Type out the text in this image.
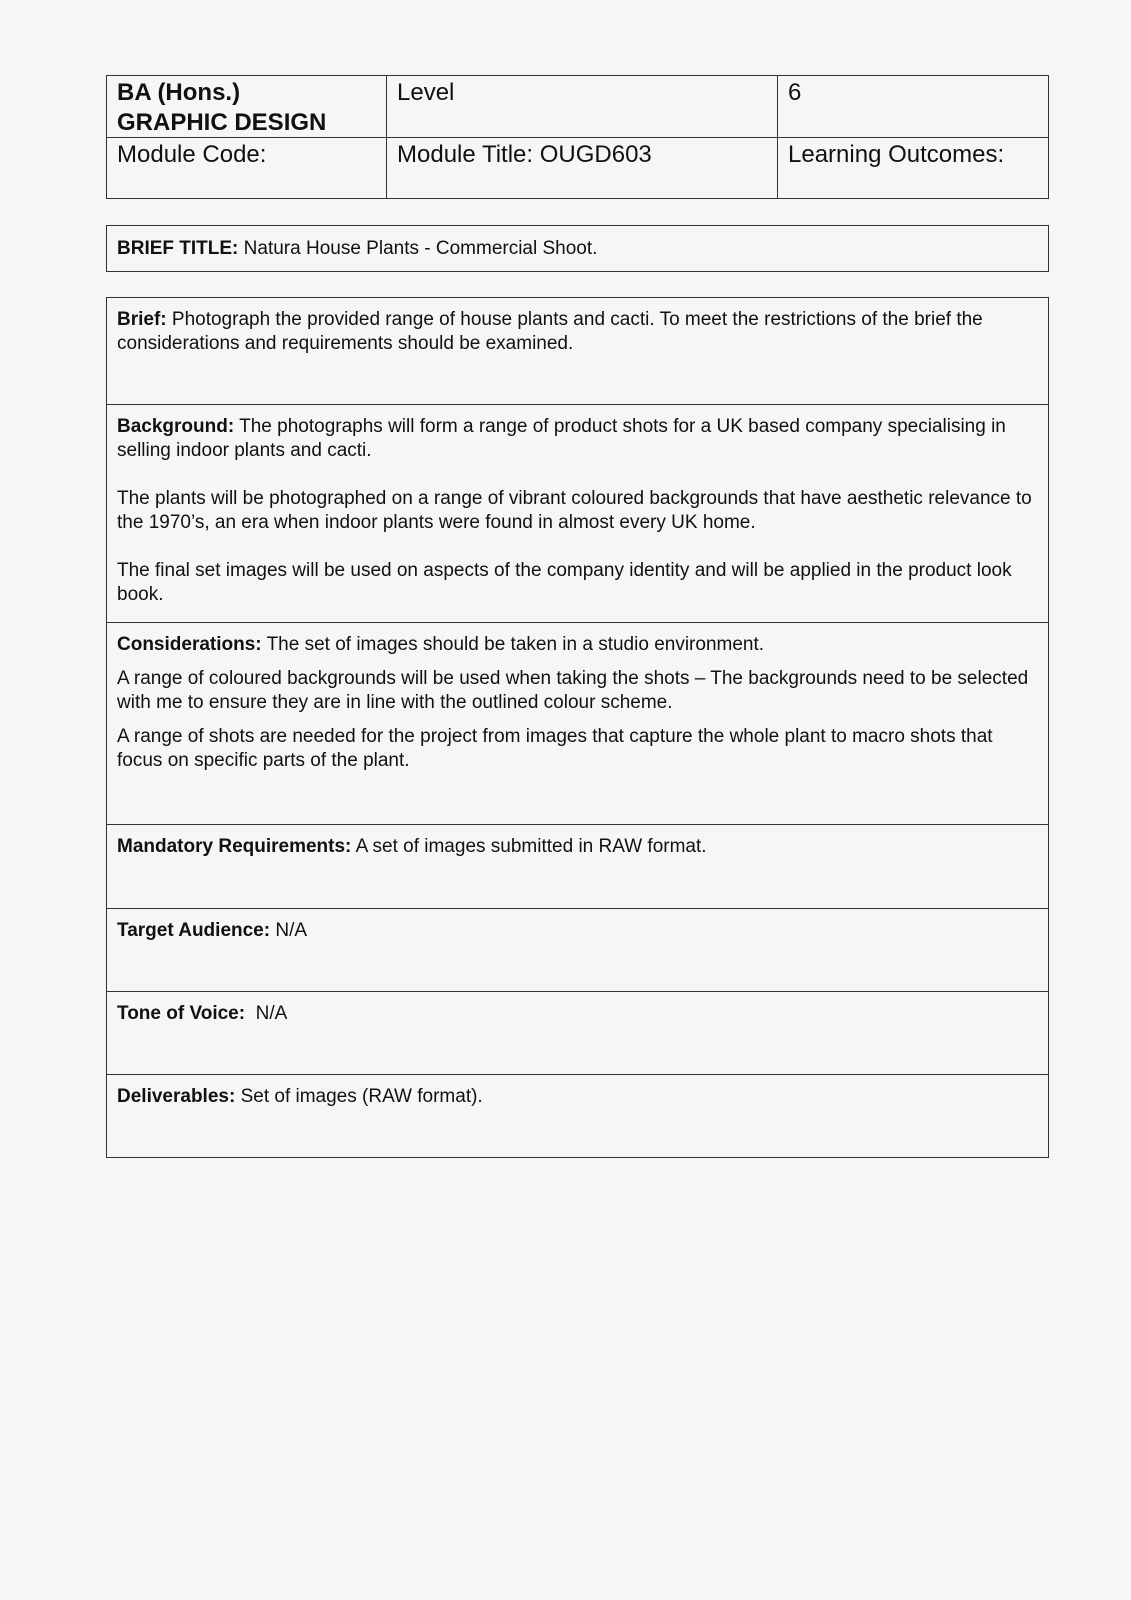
BA (Hons.)
GRAPHIC DESIGN
Level	6
Module Code:	Module Title: OUGD603	Learning Outcomes:
BRIEF TITLE: Natura House Plants - Commercial Shoot.

Brief: Photograph the provided range of house plants and cacti. To meet the restrictions of the brief the considerations and requirements should be examined.

Background: The photographs will form a range of product shots for a UK based company specialising in selling indoor plants and cacti.

The plants will be photographed on a range of vibrant coloured backgrounds that have aesthetic relevance to the 1970’s, an era when indoor plants were found in almost every UK home.

The final set images will be used on aspects of the company identity and will be applied in the product look book.

Considerations: The set of images should be taken in a studio environment.

A range of coloured backgrounds will be used when taking the shots – The backgrounds need to be selected with me to ensure they are in line with the outlined colour scheme.

A range of shots are needed for the project from images that capture the whole plant to macro shots that focus on specific parts of the plant.

Mandatory Requirements: A set of images submitted in RAW format.
Target Audience: N/A
Tone of Voice:  N/A
Deliverables: Set of images (RAW format).
